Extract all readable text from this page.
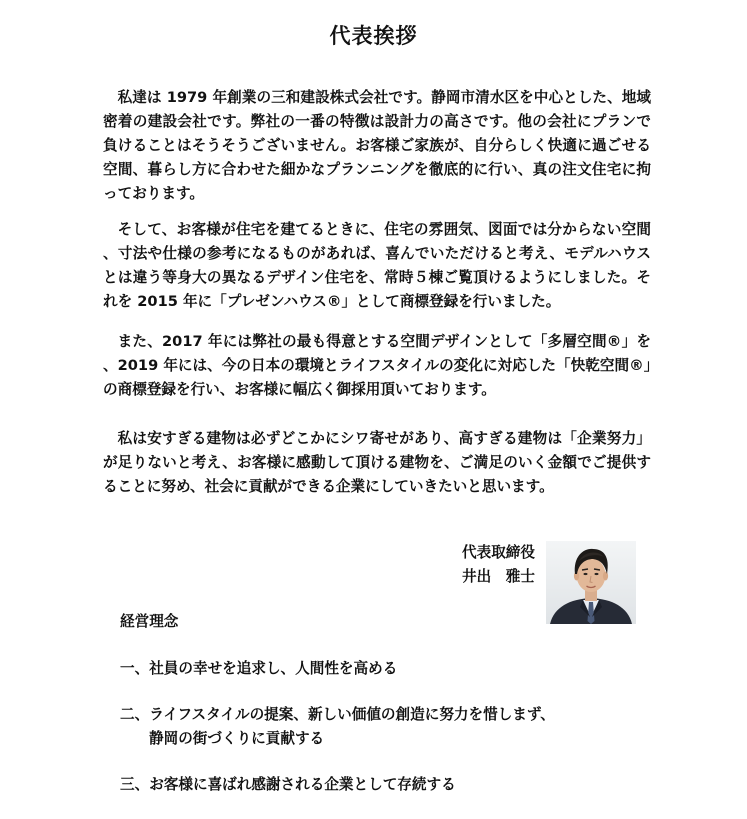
代表挨拶

私達は 1979 年創業の三和建設株式会社です。静岡市清水区を中心とした、地域密着の建設会社です。弊社の一番の特徴は設計力の高さです。他の会社にプランで負けることはそうそうございません。お客様ご家族が、自分らしく快適に過ごせる空間、暮らし方に合わせた細かなプランニングを徹底的に行い、真の注文住宅に拘っております。

そして、お客様が住宅を建てるときに、住宅の雰囲気、図面では分からない空間、寸法や仕様の参考になるものがあれば、喜んでいただけると考え、モデルハウスとは違う等身大の異なるデザイン住宅を、常時５棟ご覧頂けるようにしました。それを 2015 年に「プレゼンハウス®」として商標登録を行いました。

また、2017 年には弊社の最も得意とする空間デザインとして「多層空間®」を、2019 年には、今の日本の環境とライフスタイルの変化に対応した「快乾空間®」の商標登録を行い、お客様に幅広く御採用頂いております。

私は安すぎる建物は必ずどこかにシワ寄せがあり、高すぎる建物は「企業努力」が足りないと考え、お客様に感動して頂ける建物を、ご満足のいく金額でご提供することに努め、社会に貢献ができる企業にしていきたいと思います。

代表取締役
井出　雅士
経営理念
一、社員の幸せを追求し、人間性を高める
二、ライフスタイルの提案、新しい価値の創造に努力を惜しまず、
静岡の街づくりに貢献する
三、お客様に喜ばれ感謝される企業として存続する
